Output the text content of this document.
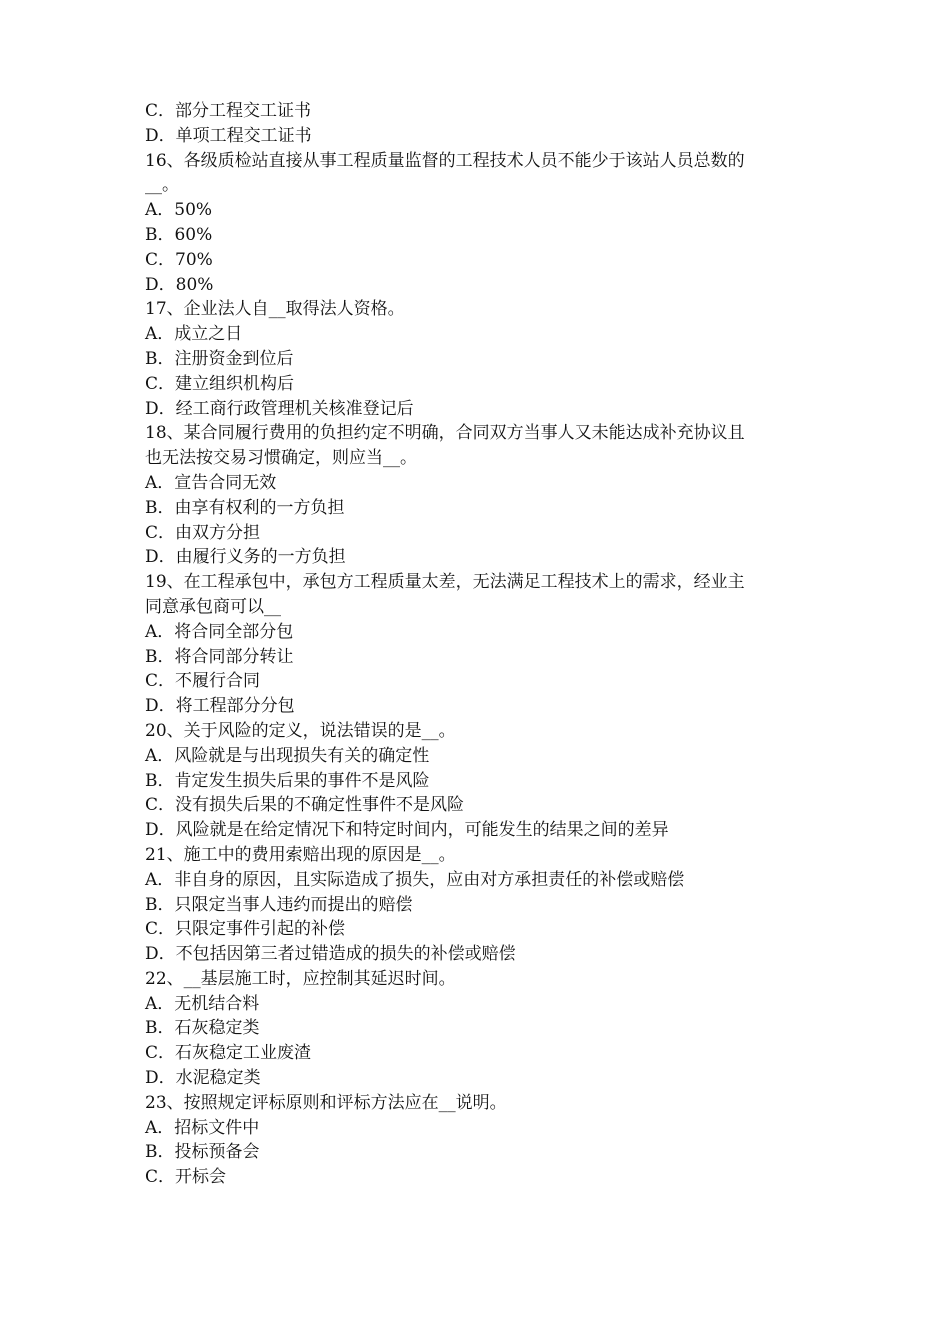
C．部分工程交工证书
D．单项工程交工证书
16、各级质检站直接从事工程质量监督的工程技术人员不能少于该站人员总数的
__。
A．50%
B．60%
C．70%
D．80%
17、企业法人自__取得法人资格。
A．成立之日
B．注册资金到位后
C．建立组织机构后
D．经工商行政管理机关核准登记后
18、某合同履行费用的负担约定不明确，合同双方当事人又未能达成补充协议且
也无法按交易习惯确定，则应当__。
A．宣告合同无效
B．由享有权利的一方负担
C．由双方分担
D．由履行义务的一方负担
19、在工程承包中，承包方工程质量太差，无法满足工程技术上的需求，经业主
同意承包商可以__
A．将合同全部分包
B．将合同部分转让
C．不履行合同
D．将工程部分分包
20、关于风险的定义，说法错误的是__。
A．风险就是与出现损失有关的确定性
B．肯定发生损失后果的事件不是风险
C．没有损失后果的不确定性事件不是风险
D．风险就是在给定情况下和特定时间内，可能发生的结果之间的差异
21、施工中的费用索赔出现的原因是__。
A．非自身的原因，且实际造成了损失，应由对方承担责任的补偿或赔偿
B．只限定当事人违约而提出的赔偿
C．只限定事件引起的补偿
D．不包括因第三者过错造成的损失的补偿或赔偿
22、__基层施工时，应控制其延迟时间。
A．无机结合料
B．石灰稳定类
C．石灰稳定工业废渣
D．水泥稳定类
23、按照规定评标原则和评标方法应在__说明。
A．招标文件中
B．投标预备会
C．开标会
